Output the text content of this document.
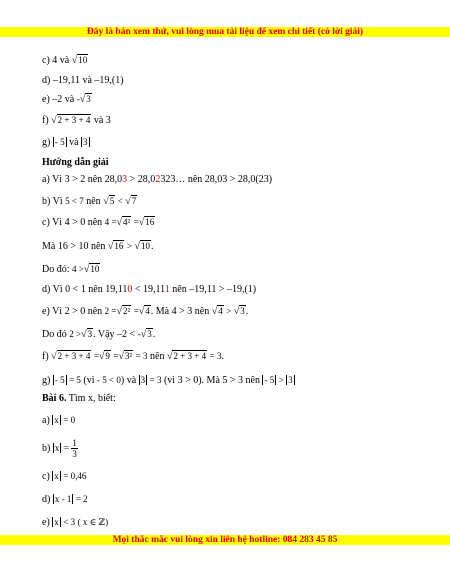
Đây là bản xem thử, vui lòng mua tài liệu để xem chi tiết (có lời giải)
c) 4 và √10
d) –19,11 và –19,(1)
e) –2 và -√3
f) √2 + 3 + 4 và 3
g) - 5 và 3
Hướng dẫn giải
a) Vì 3 > 2 nên 28,03 > 28,02323… nên 28,03 > 28,0(23)
b) Vì 5 < 7 nên √5 < √7
c) Vì 4 > 0 nên 4 =√4² =√16
Mà 16 > 10 nên √16 > √10.
Do đó: 4 >√10
d) Vì 0 < 1 nên 19,110 < 19,111 nên –19,11 > –19,(1)
e) Vì 2 > 0 nên 2 =√2² =√4. Mà 4 > 3 nên √4 > √3.
Do đó 2 >√3. Vậy –2 < -√3.
f) √2 + 3 + 4 =√9 =√3² = 3 nên √2 + 3 + 4 = 3.
g) - 5 = 5 (vì - 5 < 0) và 3 = 3 (vì 3 > 0). Mà 5 > 3 nên - 5 > 3
Bài 6. Tìm x, biết:
a) x = 0
b) $x = \frac{1}{3}$
c) x = 0,46
d) x - 1 = 2
e) x < 3 ( x ∈ ℤ)
Mọi thắc mắc vui lòng xin liên hệ hotline: 084 283 45 85
